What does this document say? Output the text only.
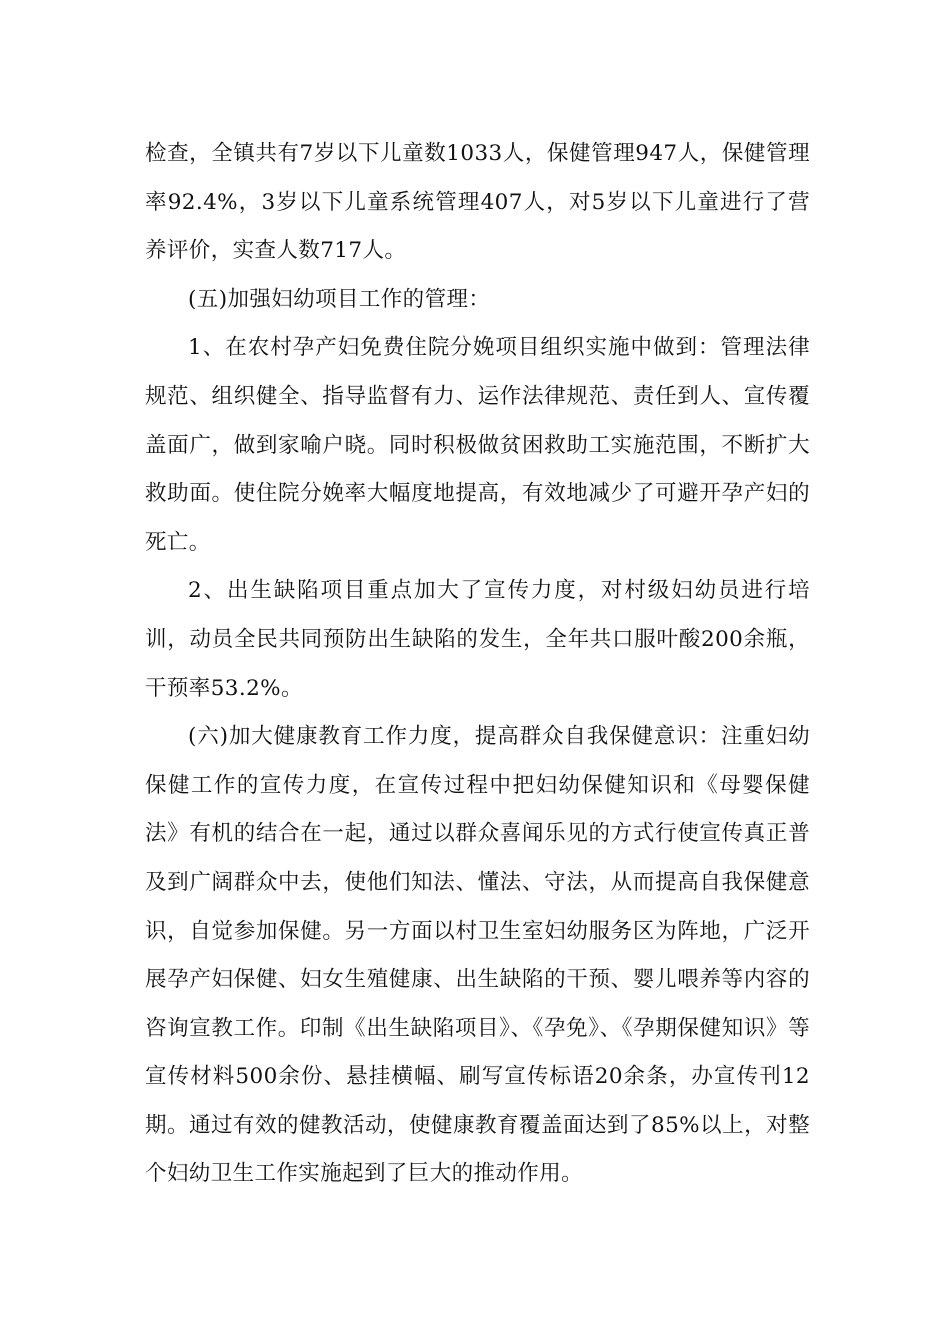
检查，全镇共有7岁以下儿童数1033人，保健管理947人，保健管理率92.4%，3岁以下儿童系统管理407人，对5岁以下儿童进行了营养评价，实查人数717人。

(五)加强妇幼项目工作的管理：

1、在农村孕产妇免费住院分娩项目组织实施中做到：管理法律规范、组织健全、指导监督有力、运作法律规范、责任到人、宣传覆盖面广，做到家喻户晓。同时积极做贫困救助工实施范围，不断扩大救助面。使住院分娩率大幅度地提高，有效地减少了可避开孕产妇的死亡。

2、出生缺陷项目重点加大了宣传力度，对村级妇幼员进行培训，动员全民共同预防出生缺陷的发生，全年共口服叶酸200余瓶，干预率53.2%。

(六)加大健康教育工作力度，提高群众自我保健意识：注重妇幼保健工作的宣传力度，在宣传过程中把妇幼保健知识和《母婴保健法》有机的结合在一起，通过以群众喜闻乐见的方式行使宣传真正普及到广阔群众中去，使他们知法、懂法、守法，从而提高自我保健意识，自觉参加保健。另一方面以村卫生室妇幼服务区为阵地，广泛开展孕产妇保健、妇女生殖健康、出生缺陷的干预、婴儿喂养等内容的咨询宣教工作。印制《出生缺陷项目》、《孕免》、《孕期保健知识》等宣传材料500余份、悬挂横幅、刷写宣传标语20余条，办宣传刊12期。通过有效的健教活动，使健康教育覆盖面达到了85%以上，对整个妇幼卫生工作实施起到了巨大的推动作用。
